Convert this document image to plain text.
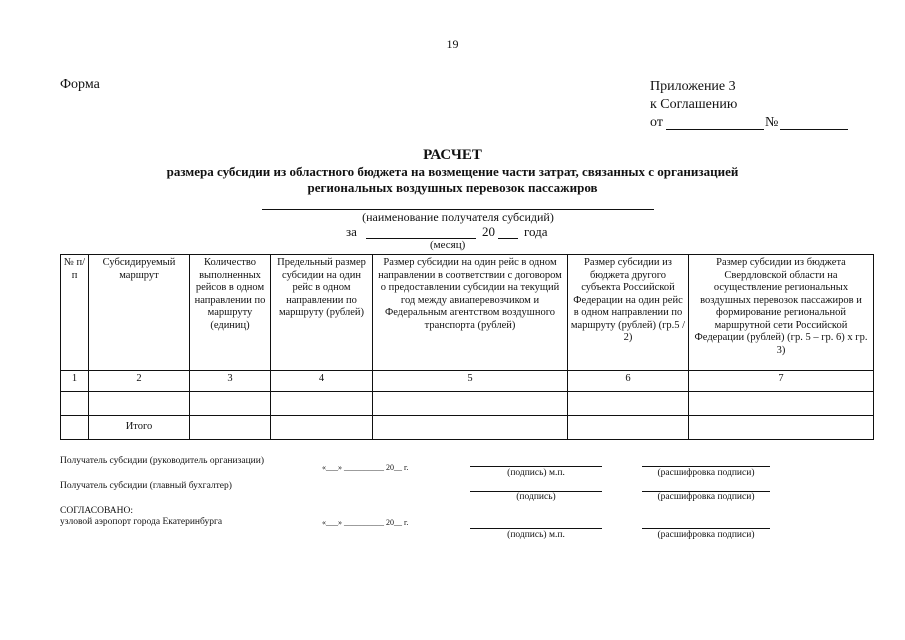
19
Форма	Приложение 3
к Соглашению
от	№
РАСЧЕТ
размера субсидии из областного бюджета на возмещение части затрат, связанных с организацией
региональных воздушных перевозок пассажиров
(наименование получателя субсидий)
за	20 года
(месяц)
№ п/п	Субсидируемый маршрут	Количество выполненных рейсов в одном направлении по маршруту (единиц)	Предельный размер субсидии на один рейс в одном направлении по маршруту (рублей)	Размер субсидии на один рейс в одном направлении в соответствии с договором о предоставлении субсидии на текущий год между авиаперевозчиком и Федеральным агентством воздушного транспорта (рублей)	Размер субсидии из бюджета другого субъекта Российской Федерации на один рейс в одном направлении по маршруту (рублей) (гр.5 / 2)	Размер субсидии из бюджета Свердловской области на осуществление региональных воздушных перевозок пассажиров и формирование региональной маршрутной сети Российской Федерации (рублей) (гр. 5 – гр. 6) х гр. 3)
1	2	3	4	5	6	7

	Итого					
Получатель субсидии (руководитель организации)
«___» __________ 20__ г.
(подпись) м.п.	(расшифровка подписи)
Получатель субсидии (главный бухгалтер)
(подпись)	(расшифровка подписи)
СОГЛАСОВАНО:
узловой аэропорт города Екатеринбурга	«___» __________ 20__ г.
(подпись) м.п.	(расшифровка подписи)
